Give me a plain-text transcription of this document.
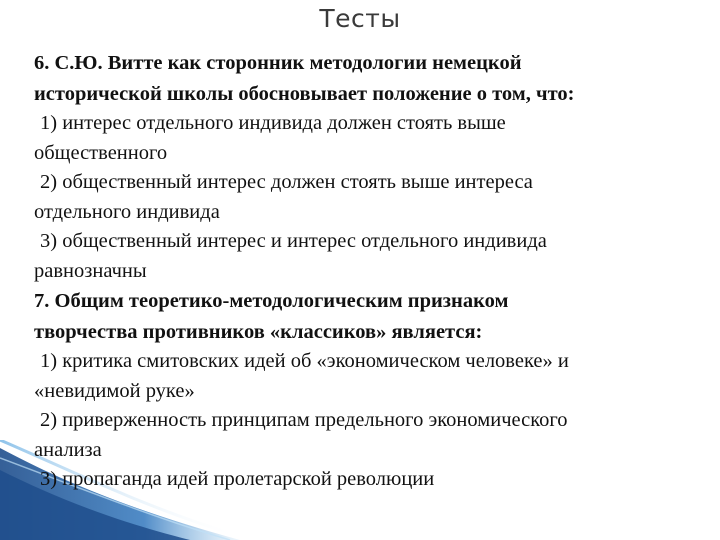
Тесты

6. С.Ю. Витте как сторонник методологии немецкой
исторической школы обосновывает положение о том, что:

1) интерес отдельного индивида должен стоять выше
общественного

2) общественный интерес должен стоять выше интереса
отдельного индивида

3) общественный интерес и интерес отдельного индивида
равнозначны

7. Общим теоретико-методологическим признаком
творчества противников «классиков» является:

1) критика смитовских идей об «экономическом человеке» и
«невидимой руке»

2) приверженность принципам предельного экономического
анализа

3) пропаганда идей пролетарской революции
